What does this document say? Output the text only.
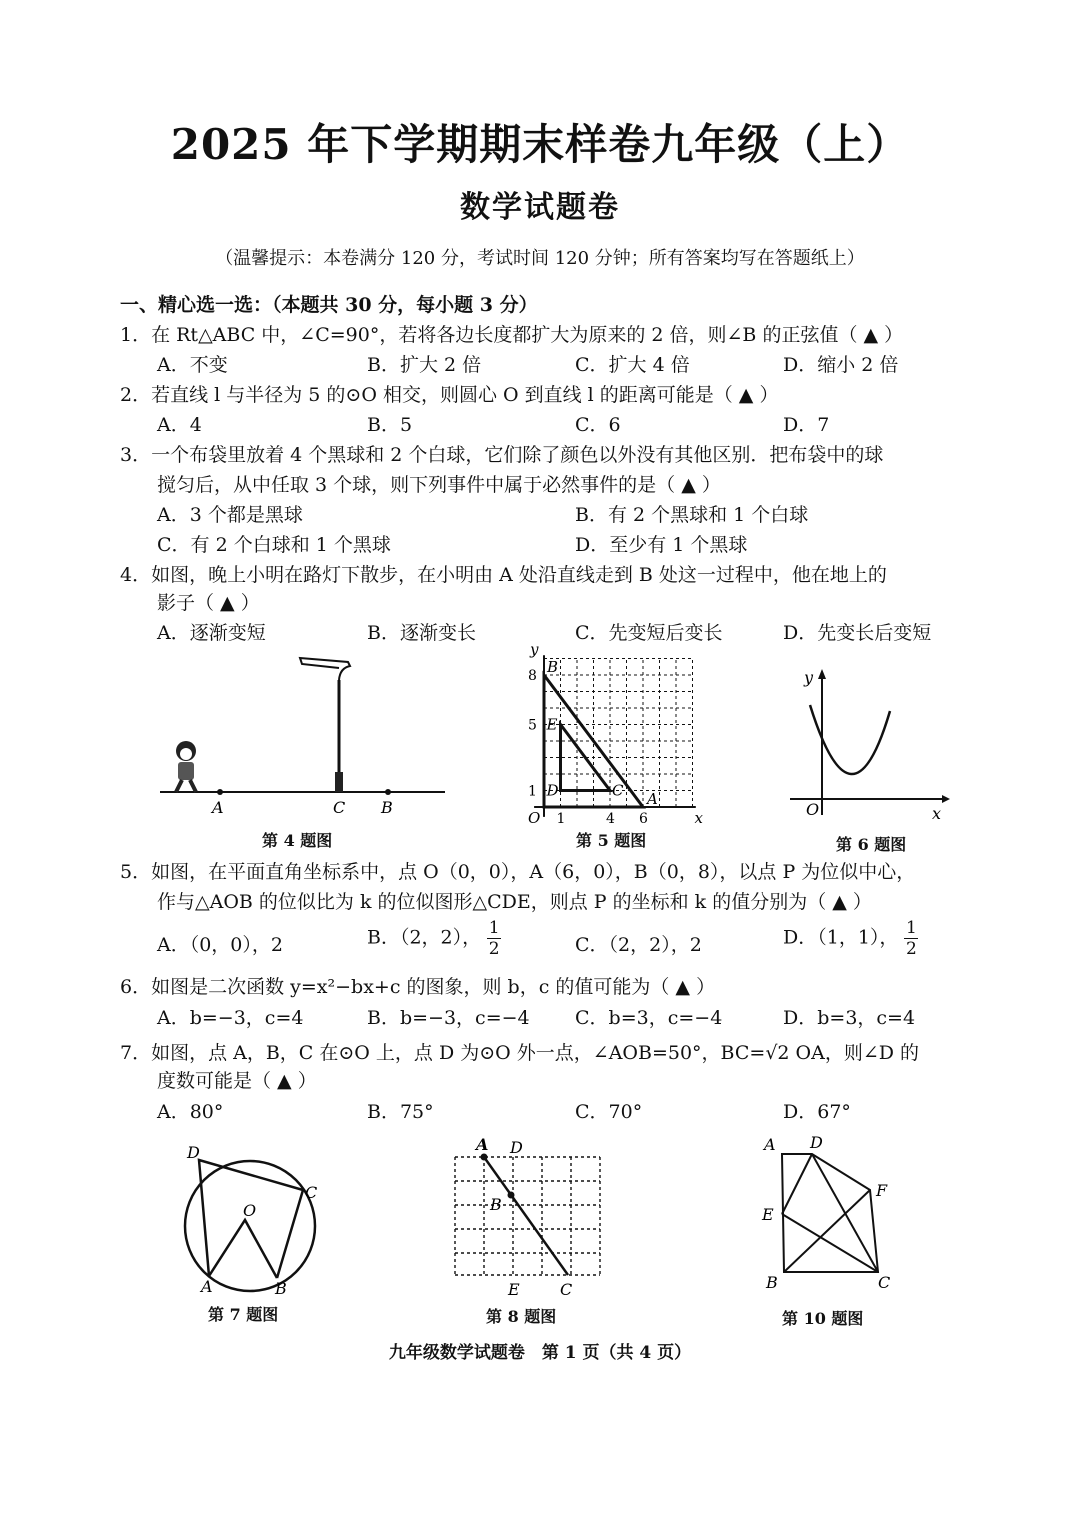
2025 年下学期期末样卷九年级（上）
数学试题卷
（温馨提示：本卷满分 120 分，考试时间 120 分钟；所有答案均写在答题纸上）
一、精心选一选：（本题共 30 分，每小题 3 分）
1．在 Rt△ABC 中，∠C=90°，若将各边长度都扩大为原来的 2 倍，则∠B 的正弦值（ ▲ ）
A．不变	B．扩大 2 倍	C．扩大 4 倍	D．缩小 2 倍
2．若直线 l 与半径为 5 的⊙O 相交，则圆心 O 到直线 l 的距离可能是（ ▲ ）
A．4	B．5	C．6	D．7
3．一个布袋里放着 4 个黑球和 2 个白球，它们除了颜色以外没有其他区别．把布袋中的球
搅匀后，从中任取 3 个球，则下列事件中属于必然事件的是（ ▲ ）
A．3 个都是黑球	B．有 2 个黑球和 1 个白球
C．有 2 个白球和 1 个黑球	D．至少有 1 个黑球
4．如图，晚上小明在路灯下散步，在小明由 A 处沿直线走到 B 处这一过程中，他在地上的
影子（ ▲ ）
A．逐渐变短	B．逐渐变长	C．先变短后变长	D．先变长后变短
A	C B
第 4 题图
y
x
O
B
E
D	C A
8
5
1
1	4 6
第 5 题图
y
x
O
第 6 题图
5．如图，在平面直角坐标系中，点 O（0，0），A（6，0），B（0，8），以点 P 为位似中心，
作与△AOB 的位似比为 k 的位似图形△CDE，则点 P 的坐标和 k 的值分别为（ ▲ ）
A．（0，0），2	B．（2，2）， $\frac{1}{2}$	C．（2，2），2	D．（1，1）， $\frac{1}{2}$
6．如图是二次函数 y=x²−bx+c 的图象，则 b，c 的值可能为（ ▲ ）
A．b=−3，c=4	B．b=−3，c=−4 C．b=3，c=−4	D．b=3，c=4
7．如图，点 A，B，C 在⊙O 上，点 D 为⊙O 外一点，∠AOB=50°，BC=√2 OA，则∠D 的
度数可能是（ ▲ ）
A．80°	B．75°	C．70°	D．67°
D
O
C
A	B
第 7 题图
A D
B
E	C
第 8 题图
A D
F
E
B	C
第 10 题图
九年级数学试题卷　第 1 页（共 4 页）
